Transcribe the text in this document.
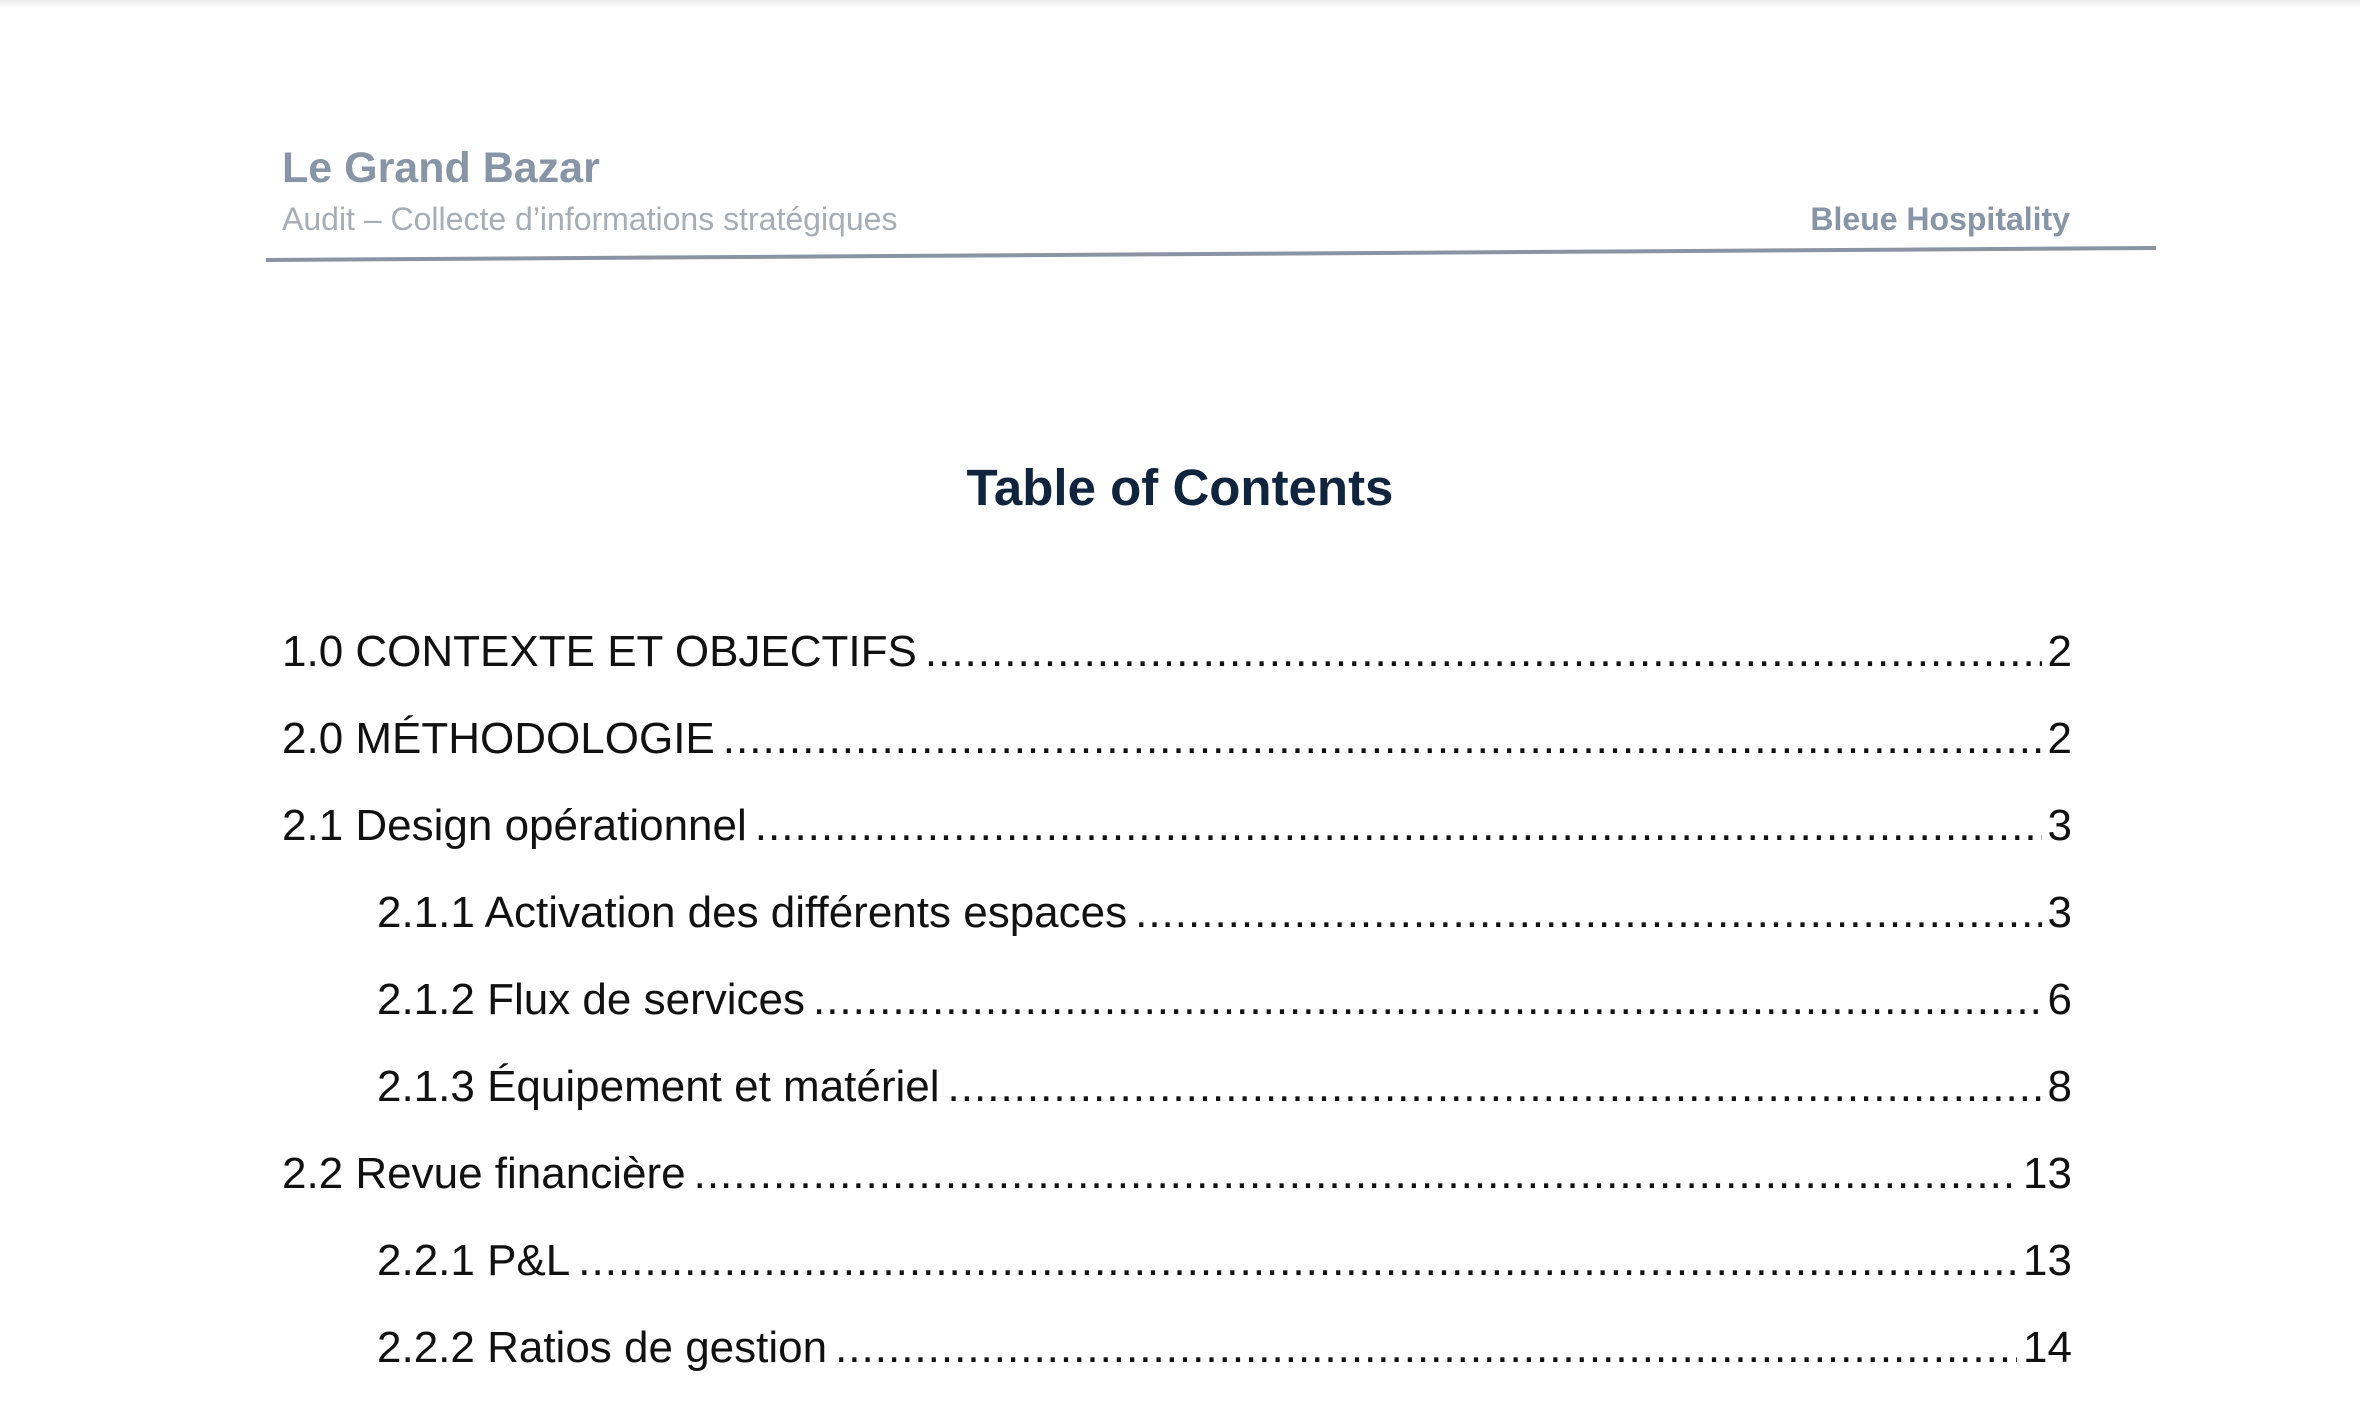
Le Grand Bazar
Audit – Collecte d’informations stratégiques	Bleue Hospitality
Table of Contents
1.0 CONTEXTE ET OBJECTIFS .....	2
2.0 MÉTHODOLOGIE .....	2
2.1 Design opérationnel .....	3
2.1.1 Activation des différents espaces .....	3
2.1.2 Flux de services .....	6
2.1.3 Équipement et matériel .....	8
2.2 Revue financière .....	13
2.2.1 P&L .....	13
2.2.2 Ratios de gestion .....	14
